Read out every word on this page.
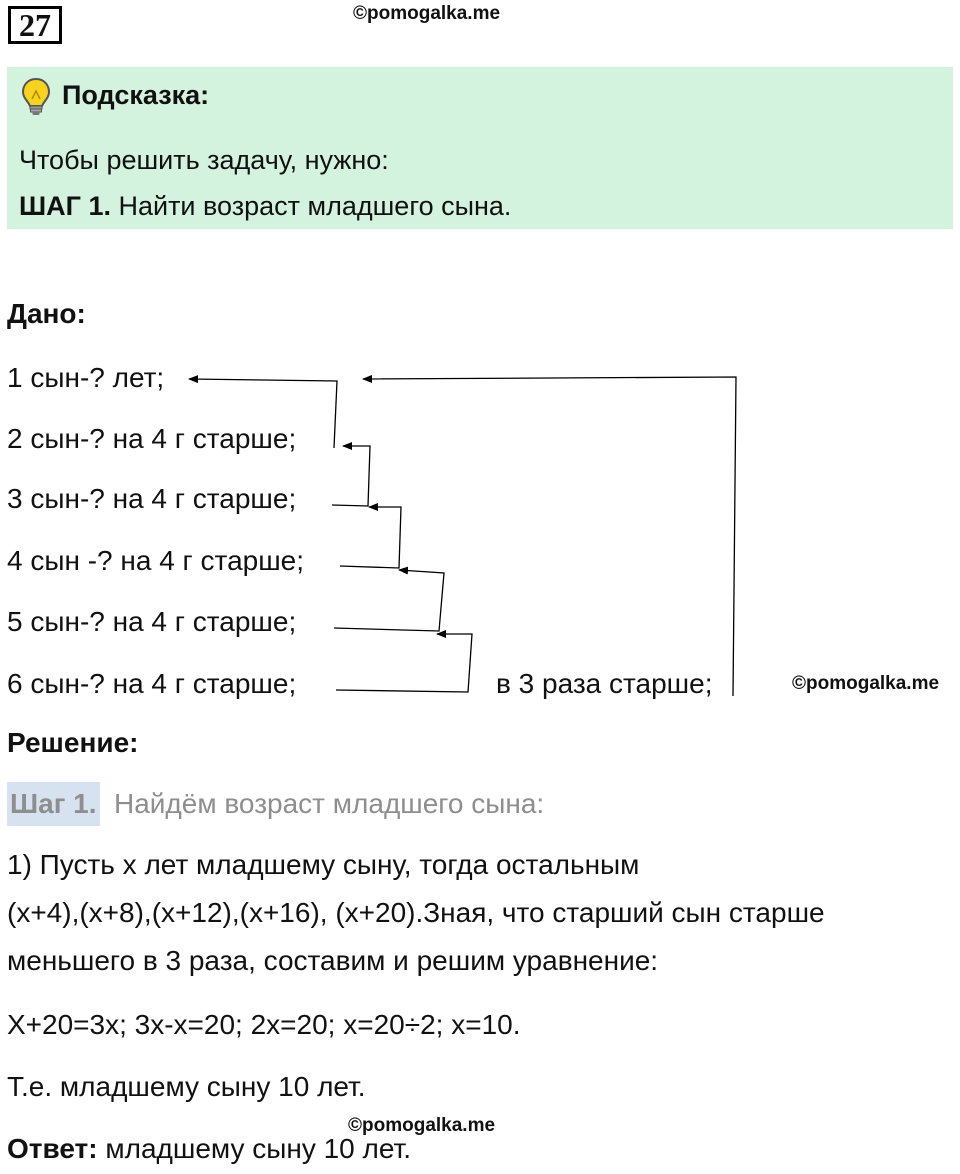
27	©pomogalka.me
Подсказка:
Чтобы решить задачу, нужно:
ШАГ 1. Найти возраст младшего сына.
Дано:
1 сын-? лет;
2 сын-? на 4 г старше;
3 сын-? на 4 г старше;
4 сын -? на 4 г старше;
5 сын-? на 4 г старше;
6 сын-? на 4 г старше;	в 3 раза старше;	©pomogalka.me
Решение:
Шаг 1. Найдём возраст младшего сына:
1) Пусть х лет младшему сыну, тогда остальным
(х+4),(х+8),(х+12),(х+16), (х+20).Зная, что старший сын старше
меньшего в 3 раза, составим и решим уравнение:
Х+20=3х; 3х-х=20; 2х=20; х=20÷2; х=10.
Т.е. младшему сыну 10 лет.
©pomogalka.me
Ответ: младшему сыну 10 лет.
